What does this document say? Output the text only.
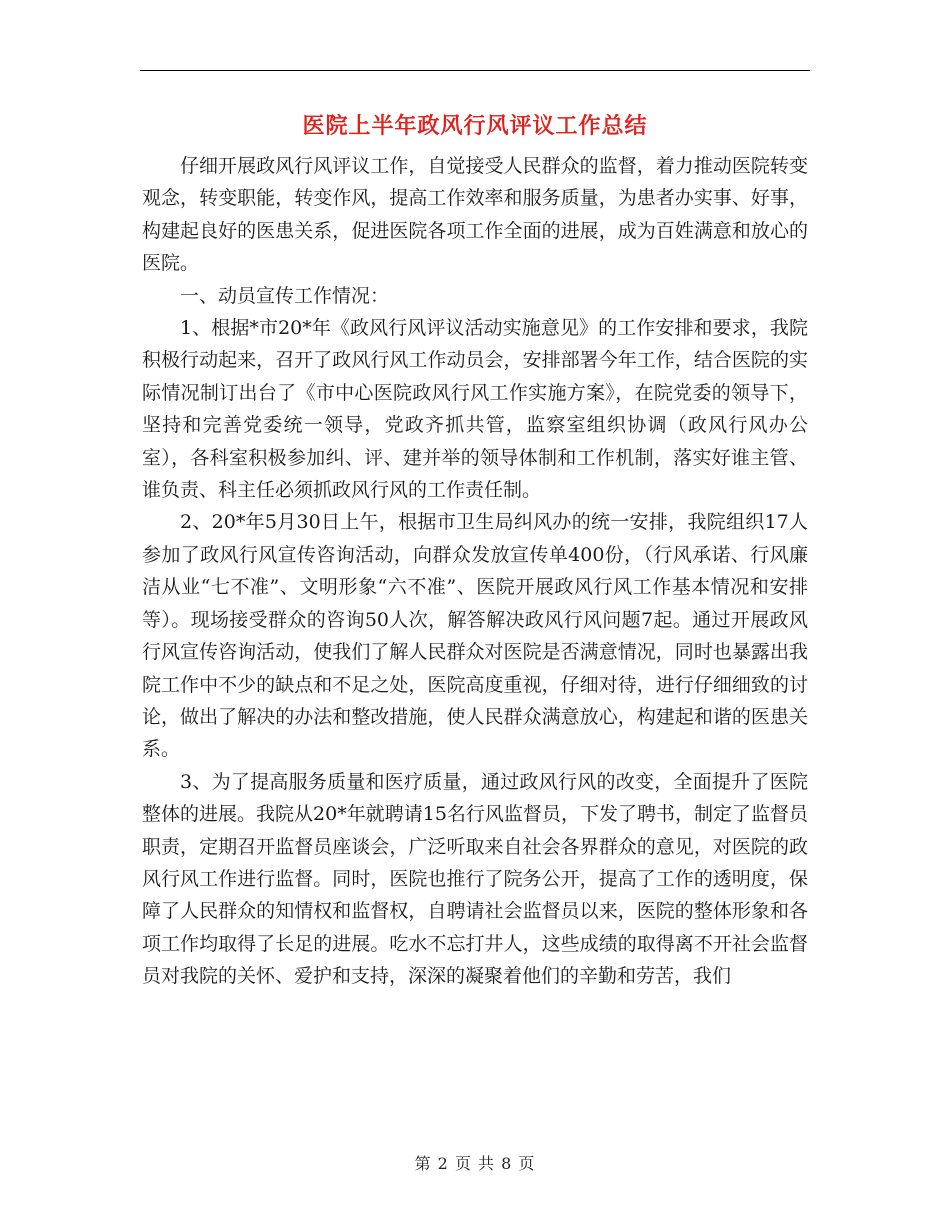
医院上半年政风行风评议工作总结

仔细开展政风行风评议工作，自觉接受人民群众的监督，着力推动医院转变观念，转变职能，转变作风，提高工作效率和服务质量，为患者办实事、好事，构建起良好的医患关系，促进医院各项工作全面的进展，成为百姓满意和放心的医院。

一、动员宣传工作情况：

1、根据*市20*年《政风行风评议活动实施意见》的工作安排和要求，我院积极行动起来，召开了政风行风工作动员会，安排部署今年工作，结合医院的实际情况制订出台了《市中心医院政风行风工作实施方案》，在院党委的领导下，坚持和完善党委统一领导，党政齐抓共管，监察室组织协调（政风行风办公室），各科室积极参加纠、评、建并举的领导体制和工作机制，落实好谁主管、谁负责、科主任必须抓政风行风的工作责任制。

2、20*年5月30日上午，根据市卫生局纠风办的统一安排，我院组织17人参加了政风行风宣传咨询活动，向群众发放宣传单400份，（行风承诺、行风廉洁从业“七不准”、文明形象“六不准”、医院开展政风行风工作基本情况和安排等）。现场接受群众的咨询50人次，解答解决政风行风问题7起。通过开展政风行风宣传咨询活动，使我们了解人民群众对医院是否满意情况，同时也暴露出我院工作中不少的缺点和不足之处，医院高度重视，仔细对待，进行仔细细致的讨论，做出了解决的办法和整改措施，使人民群众满意放心，构建起和谐的医患关系。

3、为了提高服务质量和医疗质量，通过政风行风的改变，全面提升了医院整体的进展。我院从20*年就聘请15名行风监督员，下发了聘书，制定了监督员职责，定期召开监督员座谈会，广泛听取来自社会各界群众的意见，对医院的政风行风工作进行监督。同时，医院也推行了院务公开，提高了工作的透明度，保障了人民群众的知情权和监督权，自聘请社会监督员以来，医院的整体形象和各项工作均取得了长足的进展。吃水不忘打井人，这些成绩的取得离不开社会监督员对我院的关怀、爱护和支持，深深的凝聚着他们的辛勤和劳苦，我们

第 2 页 共 8 页
